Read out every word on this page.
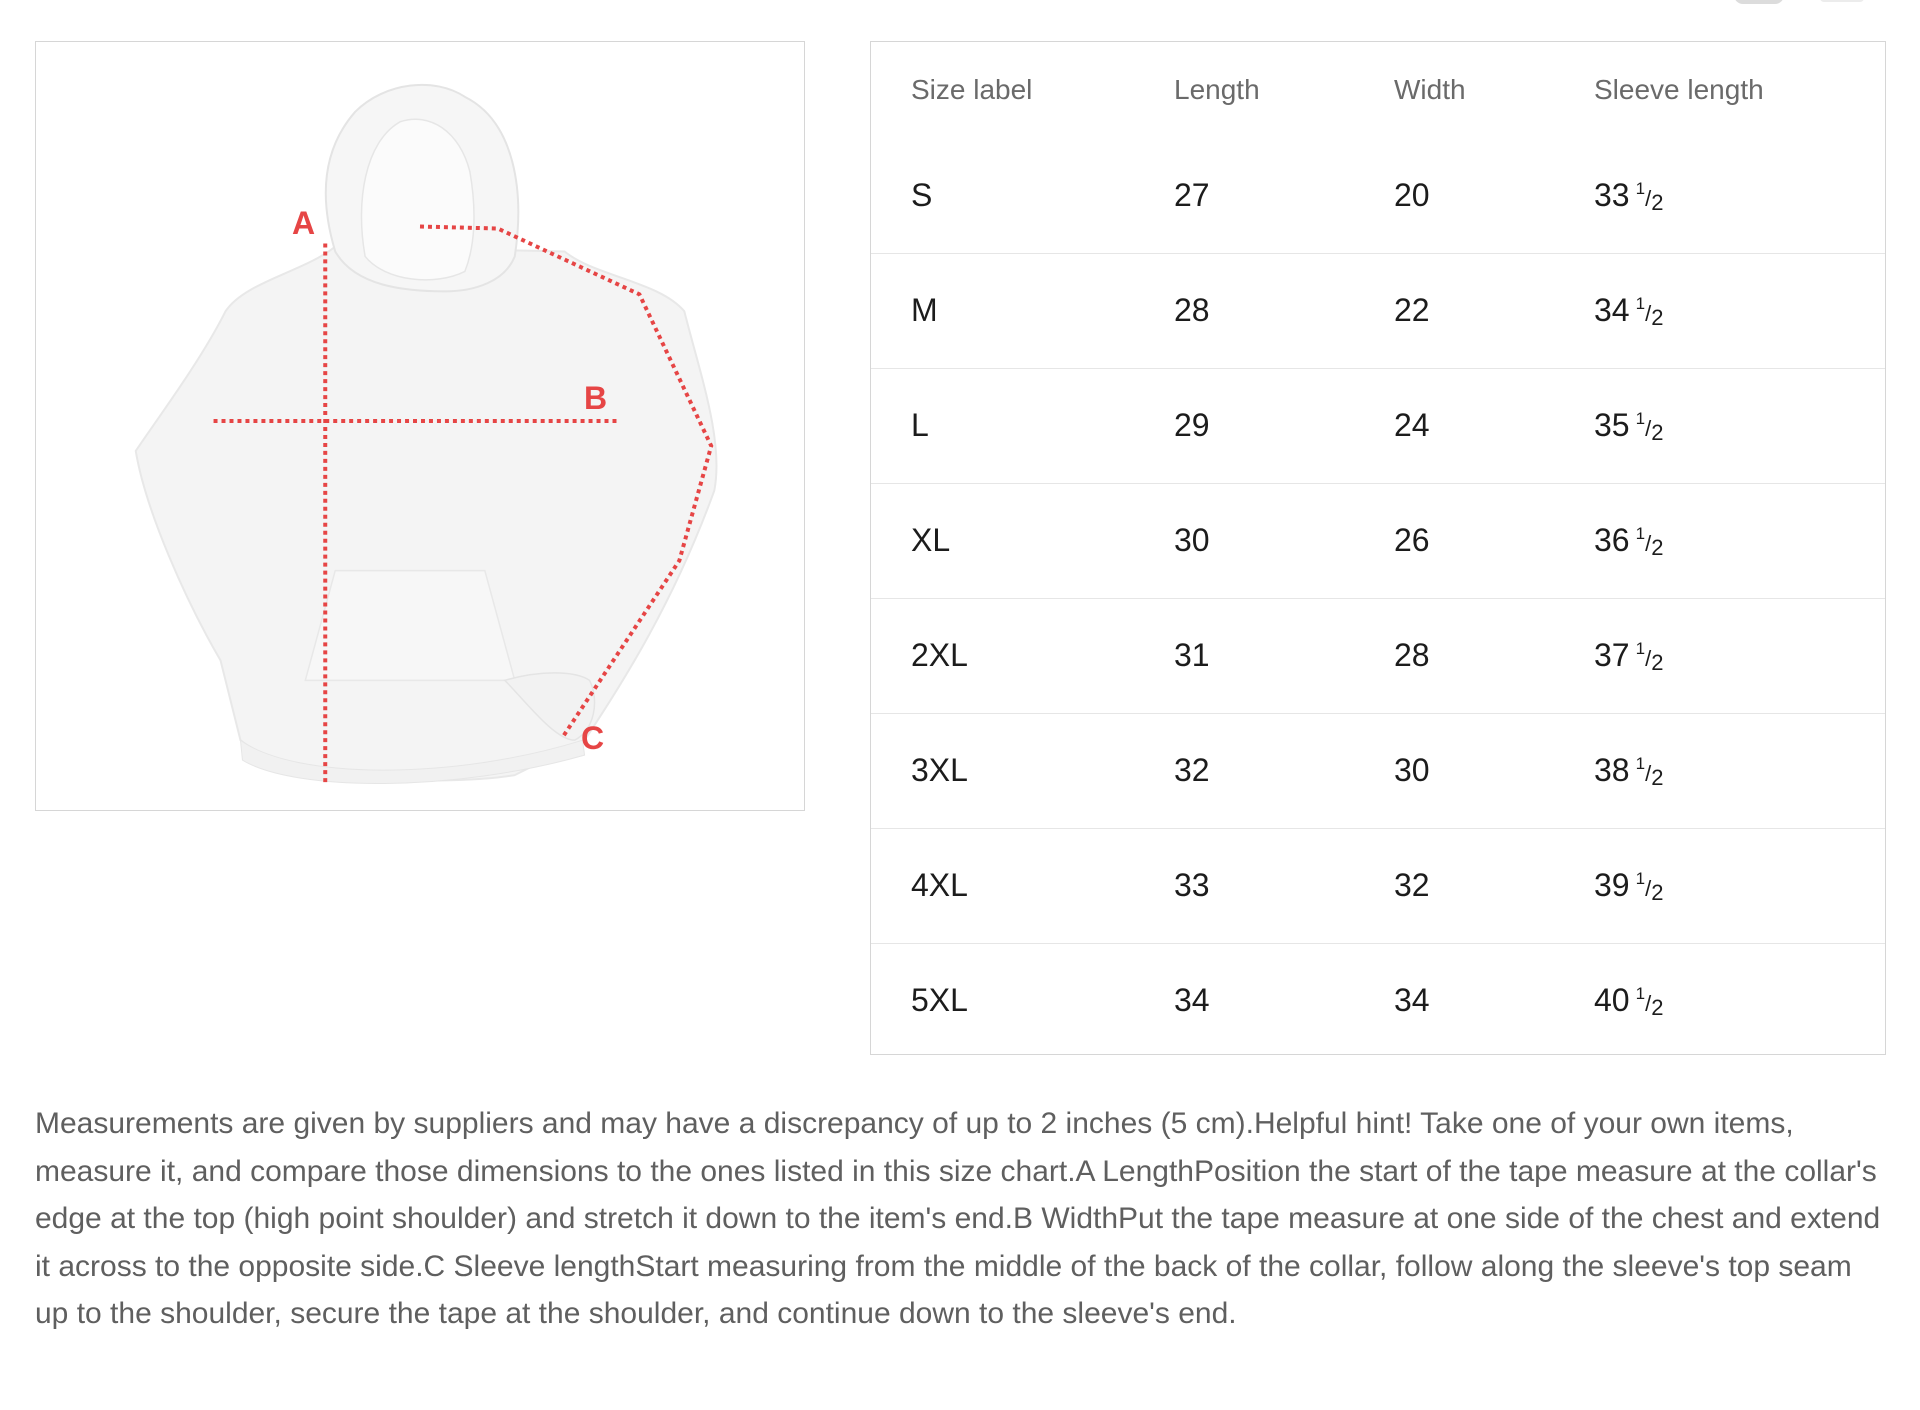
A
B
C
Size label	Length	Width	Sleeve length
S	27	20	33 $^1/_2$
M	28	22	34 $^1/_2$
L	29	24	35 $^1/_2$
XL	30	26	36 $^1/_2$
2XL	31	28	37 $^1/_2$
3XL	32	30	38 $^1/_2$
4XL	33	32	39 $^1/_2$
5XL	34	34	40 $^1/_2$

Measurements are given by suppliers and may have a discrepancy of up to 2 inches (5 cm).Helpful hint! Take one of your own items, measure it, and compare those dimensions to the ones listed in this size chart.A LengthPosition the start of the tape measure at the collar's edge at the top (high point shoulder) and stretch it down to the item's end.B WidthPut the tape measure at one side of the chest and extend it across to the opposite side.C Sleeve lengthStart measuring from the middle of the back of the collar, follow along the sleeve's top seam up to the shoulder, secure the tape at the shoulder, and continue down to the sleeve's end.
